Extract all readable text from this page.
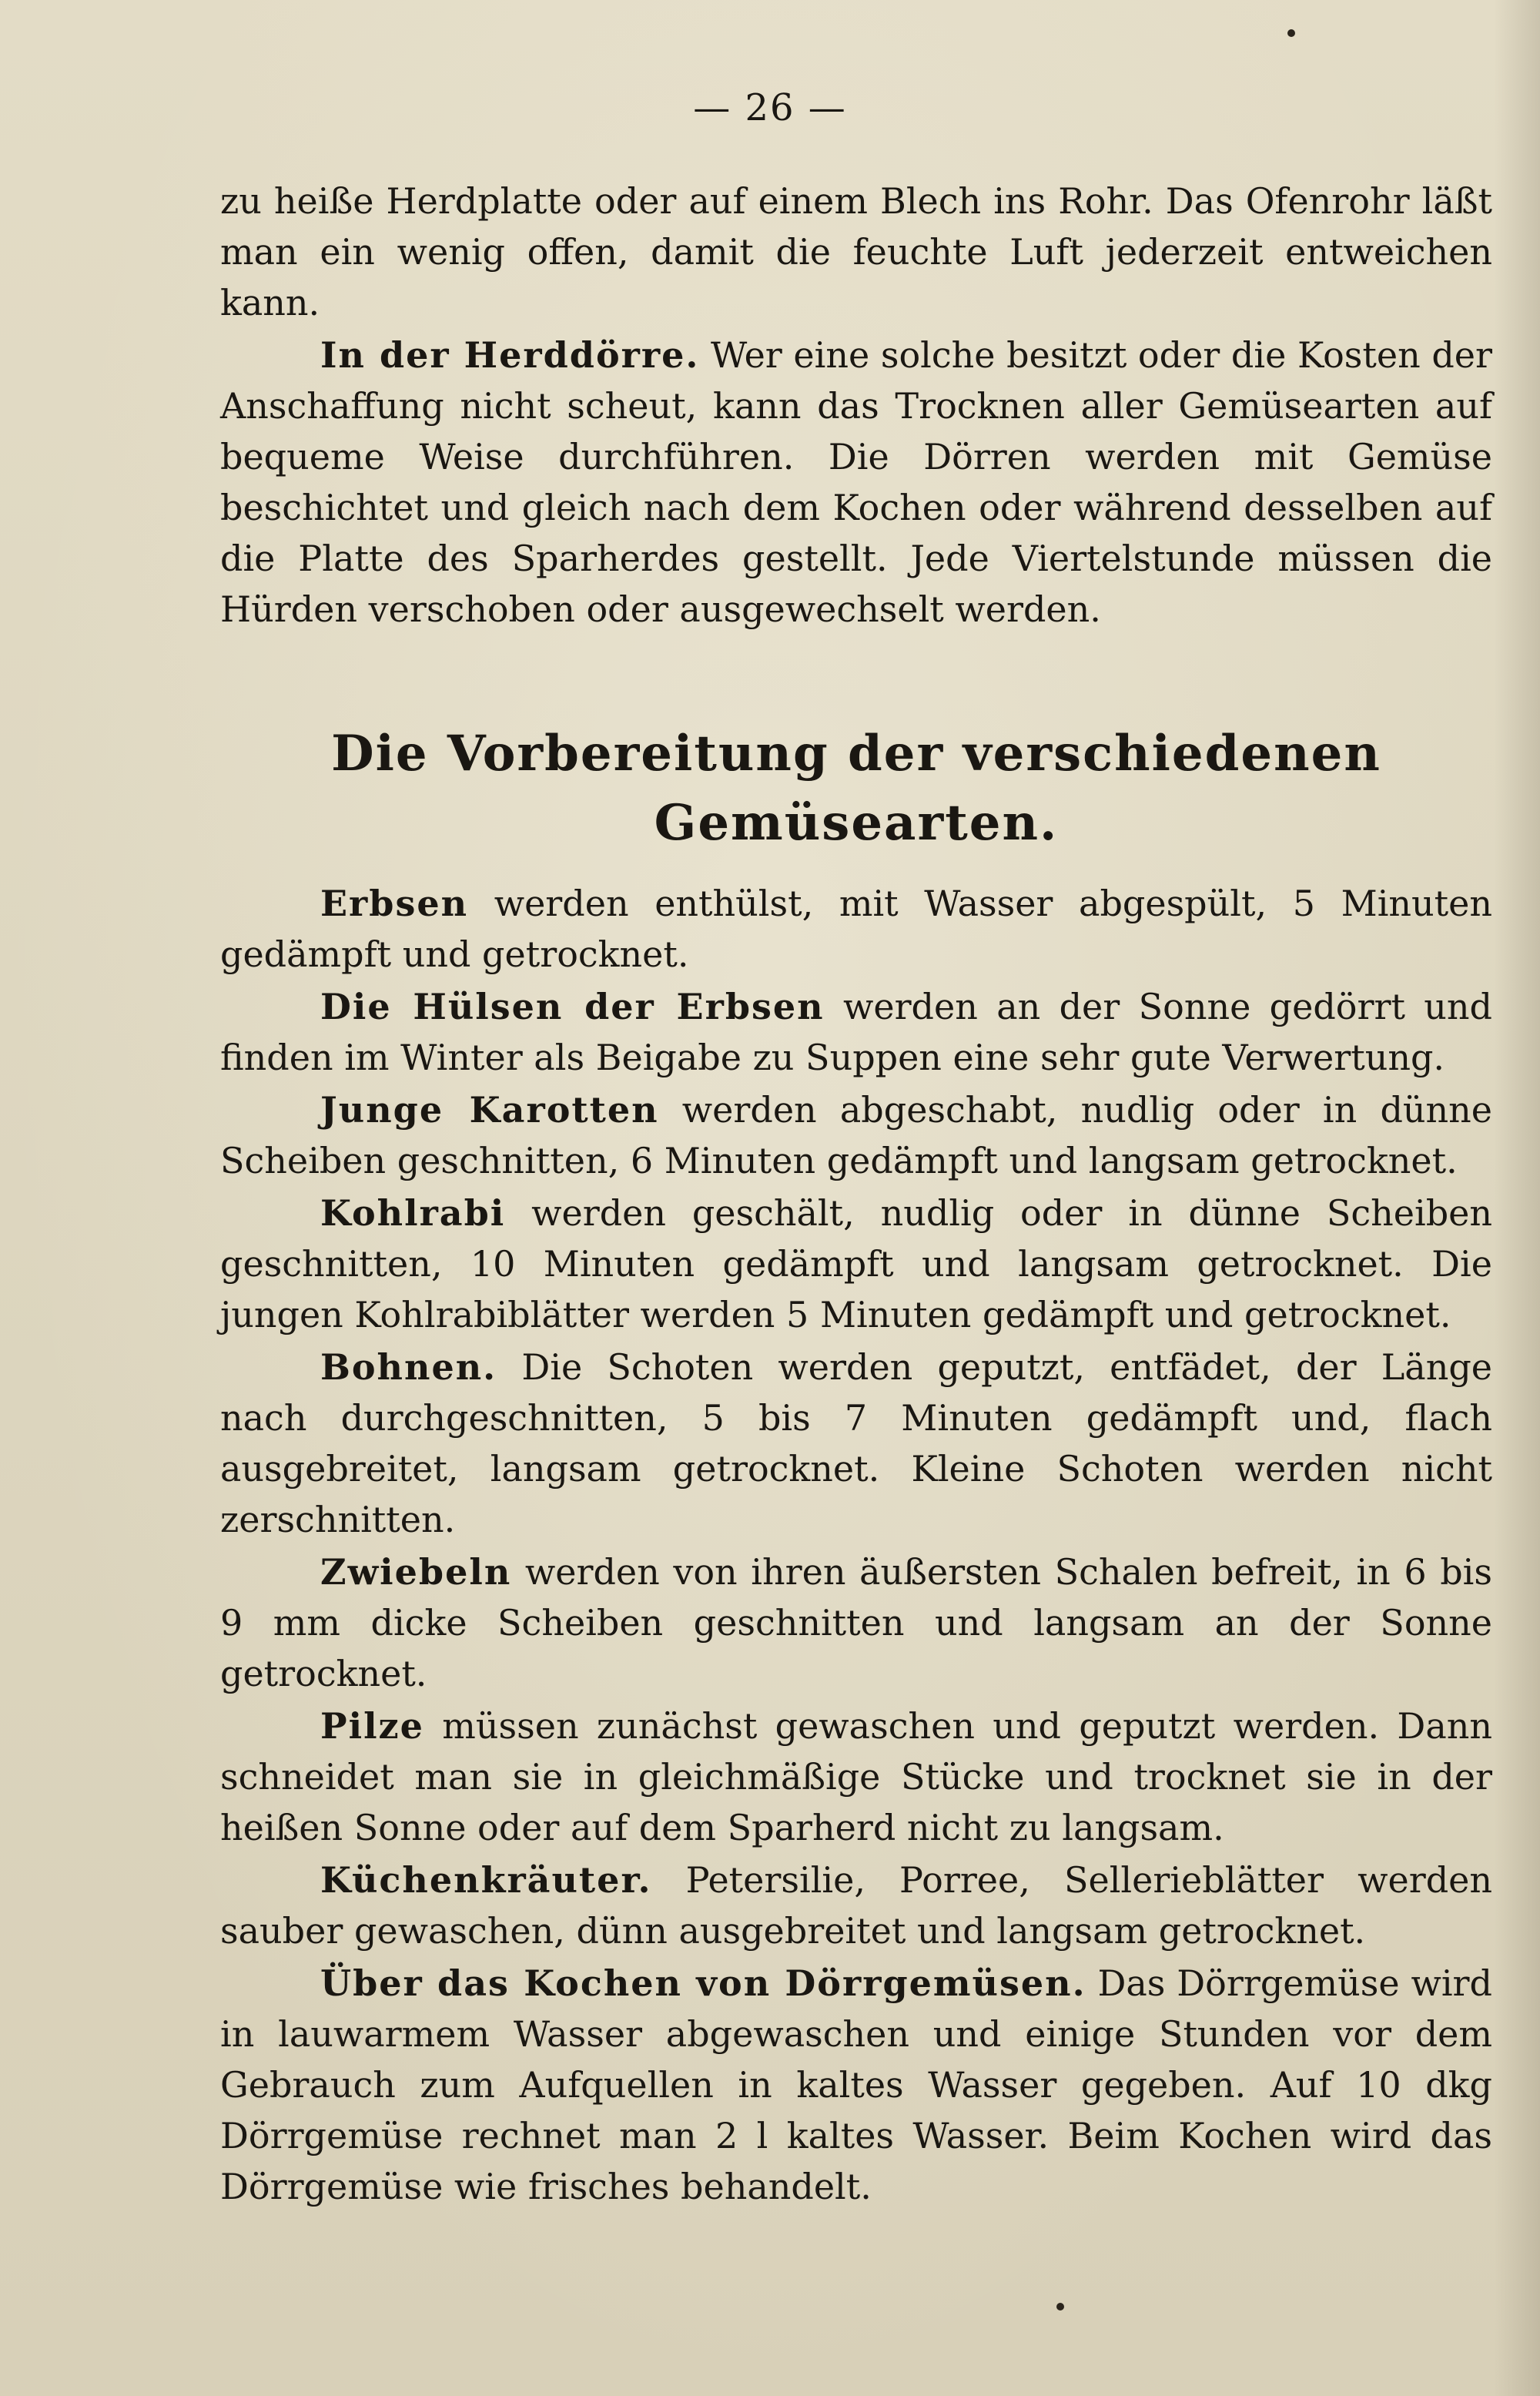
— 26 —

zu heiße Herdplatte oder auf einem Blech ins Rohr. Das Ofenrohr läßt man ein wenig offen, damit die feuchte Luft jederzeit entweichen kann.

In der Herddörre. Wer eine solche besitzt oder die Kosten der Anschaffung nicht scheut, kann das Trocknen aller Gemüsearten auf bequeme Weise durchführen. Die Dörren werden mit Gemüse beschichtet und gleich nach dem Kochen oder während desselben auf die Platte des Sparherdes gestellt. Jede Viertelstunde müssen die Hürden verschoben oder ausgewechselt werden.

Die Vorbereitung der verschiedenen Gemüsearten.

Erbsen werden enthülst, mit Wasser abgespült, 5 Minuten gedämpft und getrocknet.

Die Hülsen der Erbsen werden an der Sonne gedörrt und finden im Winter als Beigabe zu Suppen eine sehr gute Verwertung.

Junge Karotten werden abgeschabt, nudlig oder in dünne Scheiben geschnitten, 6 Minuten gedämpft und langsam getrocknet.

Kohlrabi werden geschält, nudlig oder in dünne Scheiben geschnitten, 10 Minuten gedämpft und langsam getrocknet. Die jungen Kohlrabiblätter werden 5 Minuten gedämpft und getrocknet.

Bohnen. Die Schoten werden geputzt, entfädet, der Länge nach durchgeschnitten, 5 bis 7 Minuten gedämpft und, flach ausgebreitet, langsam getrocknet. Kleine Schoten werden nicht zerschnitten.

Zwiebeln werden von ihren äußersten Schalen befreit, in 6 bis 9 mm dicke Scheiben geschnitten und langsam an der Sonne getrocknet.

Pilze müssen zunächst gewaschen und geputzt werden. Dann schneidet man sie in gleichmäßige Stücke und trocknet sie in der heißen Sonne oder auf dem Sparherd nicht zu langsam.

Küchenkräuter. Petersilie, Porree, Sellerieblätter werden sauber gewaschen, dünn ausgebreitet und langsam getrocknet.

Über das Kochen von Dörrgemüsen. Das Dörrgemüse wird in lauwarmem Wasser abgewaschen und einige Stunden vor dem Gebrauch zum Aufquellen in kaltes Wasser gegeben. Auf 10 dkg Dörrgemüse rechnet man 2 l kaltes Wasser. Beim Kochen wird das Dörrgemüse wie frisches behandelt.
